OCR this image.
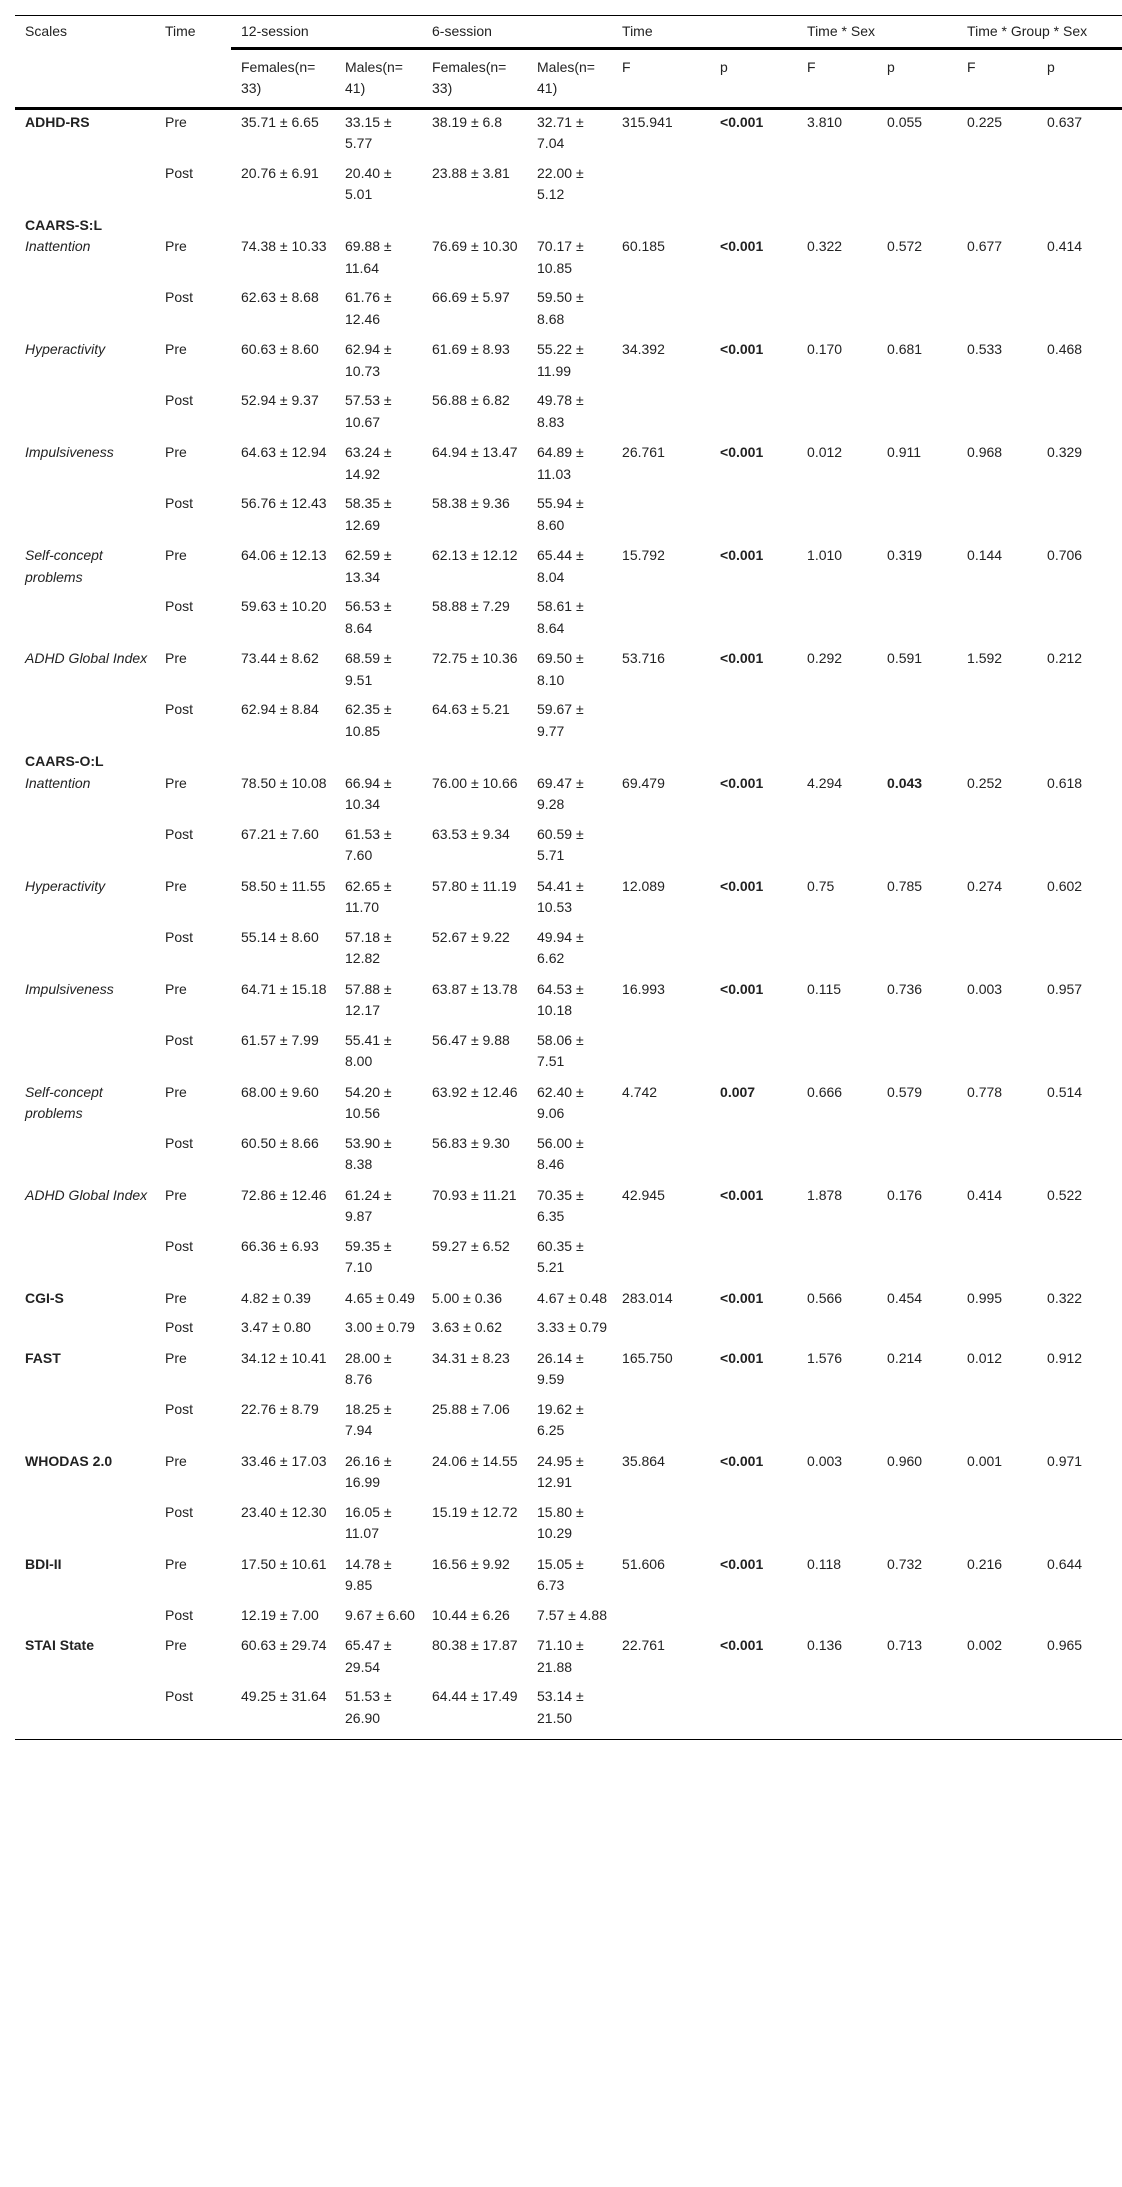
Scales	Time	12-session		6-session		Time		Time * Sex		Time * Group * Sex	
		Females(n= 33)	Males(n= 41)	Females(n= 33)	Males(n= 41)	F	p	F	p	F	p
ADHD-RS	Pre	35.71 ± 6.65	33.15 ± 5.77	38.19 ± 6.8	32.71 ± 7.04	315.941	<0.001	3.810	0.055	0.225	0.637
	Post	20.76 ± 6.91	20.40 ± 5.01	23.88 ± 3.81	22.00 ± 5.12						
CAARS-S:L											
Inattention	Pre	74.38 ± 10.33	69.88 ± 11.64	76.69 ± 10.30	70.17 ± 10.85	60.185	<0.001	0.322	0.572	0.677	0.414
	Post	62.63 ± 8.68	61.76 ± 12.46	66.69 ± 5.97	59.50 ± 8.68						
Hyperactivity	Pre	60.63 ± 8.60	62.94 ± 10.73	61.69 ± 8.93	55.22 ± 11.99	34.392	<0.001	0.170	0.681	0.533	0.468
	Post	52.94 ± 9.37	57.53 ± 10.67	56.88 ± 6.82	49.78 ± 8.83						
Impulsiveness	Pre	64.63 ± 12.94	63.24 ± 14.92	64.94 ± 13.47	64.89 ± 11.03	26.761	<0.001	0.012	0.911	0.968	0.329
	Post	56.76 ± 12.43	58.35 ± 12.69	58.38 ± 9.36	55.94 ± 8.60						
Self-concept problems	Pre	64.06 ± 12.13	62.59 ± 13.34	62.13 ± 12.12	65.44 ± 8.04	15.792	<0.001	1.010	0.319	0.144	0.706
	Post	59.63 ± 10.20	56.53 ± 8.64	58.88 ± 7.29	58.61 ± 8.64						
ADHD Global Index	Pre	73.44 ± 8.62	68.59 ± 9.51	72.75 ± 10.36	69.50 ± 8.10	53.716	<0.001	0.292	0.591	1.592	0.212
	Post	62.94 ± 8.84	62.35 ± 10.85	64.63 ± 5.21	59.67 ± 9.77						
CAARS-O:L											
Inattention	Pre	78.50 ± 10.08	66.94 ± 10.34	76.00 ± 10.66	69.47 ± 9.28	69.479	<0.001	4.294	0.043	0.252	0.618
	Post	67.21 ± 7.60	61.53 ± 7.60	63.53 ± 9.34	60.59 ± 5.71						
Hyperactivity	Pre	58.50 ± 11.55	62.65 ± 11.70	57.80 ± 11.19	54.41 ± 10.53	12.089	<0.001	0.75	0.785	0.274	0.602
	Post	55.14 ± 8.60	57.18 ± 12.82	52.67 ± 9.22	49.94 ± 6.62						
Impulsiveness	Pre	64.71 ± 15.18	57.88 ± 12.17	63.87 ± 13.78	64.53 ± 10.18	16.993	<0.001	0.115	0.736	0.003	0.957
	Post	61.57 ± 7.99	55.41 ± 8.00	56.47 ± 9.88	58.06 ± 7.51						
Self-concept problems	Pre	68.00 ± 9.60	54.20 ± 10.56	63.92 ± 12.46	62.40 ± 9.06	4.742	0.007	0.666	0.579	0.778	0.514
	Post	60.50 ± 8.66	53.90 ± 8.38	56.83 ± 9.30	56.00 ± 8.46						
ADHD Global Index	Pre	72.86 ± 12.46	61.24 ± 9.87	70.93 ± 11.21	70.35 ± 6.35	42.945	<0.001	1.878	0.176	0.414	0.522
	Post	66.36 ± 6.93	59.35 ± 7.10	59.27 ± 6.52	60.35 ± 5.21						
CGI-S	Pre	4.82 ± 0.39	4.65 ± 0.49	5.00 ± 0.36	4.67 ± 0.48	283.014	<0.001	0.566	0.454	0.995	0.322
	Post	3.47 ± 0.80	3.00 ± 0.79	3.63 ± 0.62	3.33 ± 0.79						
FAST	Pre	34.12 ± 10.41	28.00 ± 8.76	34.31 ± 8.23	26.14 ± 9.59	165.750	<0.001	1.576	0.214	0.012	0.912
	Post	22.76 ± 8.79	18.25 ± 7.94	25.88 ± 7.06	19.62 ± 6.25						
WHODAS 2.0	Pre	33.46 ± 17.03	26.16 ± 16.99	24.06 ± 14.55	24.95 ± 12.91	35.864	<0.001	0.003	0.960	0.001	0.971
	Post	23.40 ± 12.30	16.05 ± 11.07	15.19 ± 12.72	15.80 ± 10.29						
BDI-II	Pre	17.50 ± 10.61	14.78 ± 9.85	16.56 ± 9.92	15.05 ± 6.73	51.606	<0.001	0.118	0.732	0.216	0.644
	Post	12.19 ± 7.00	9.67 ± 6.60	10.44 ± 6.26	7.57 ± 4.88						
STAI State	Pre	60.63 ± 29.74	65.47 ± 29.54	80.38 ± 17.87	71.10 ± 21.88	22.761	<0.001	0.136	0.713	0.002	0.965
	Post	49.25 ± 31.64	51.53 ± 26.90	64.44 ± 17.49	53.14 ± 21.50						
